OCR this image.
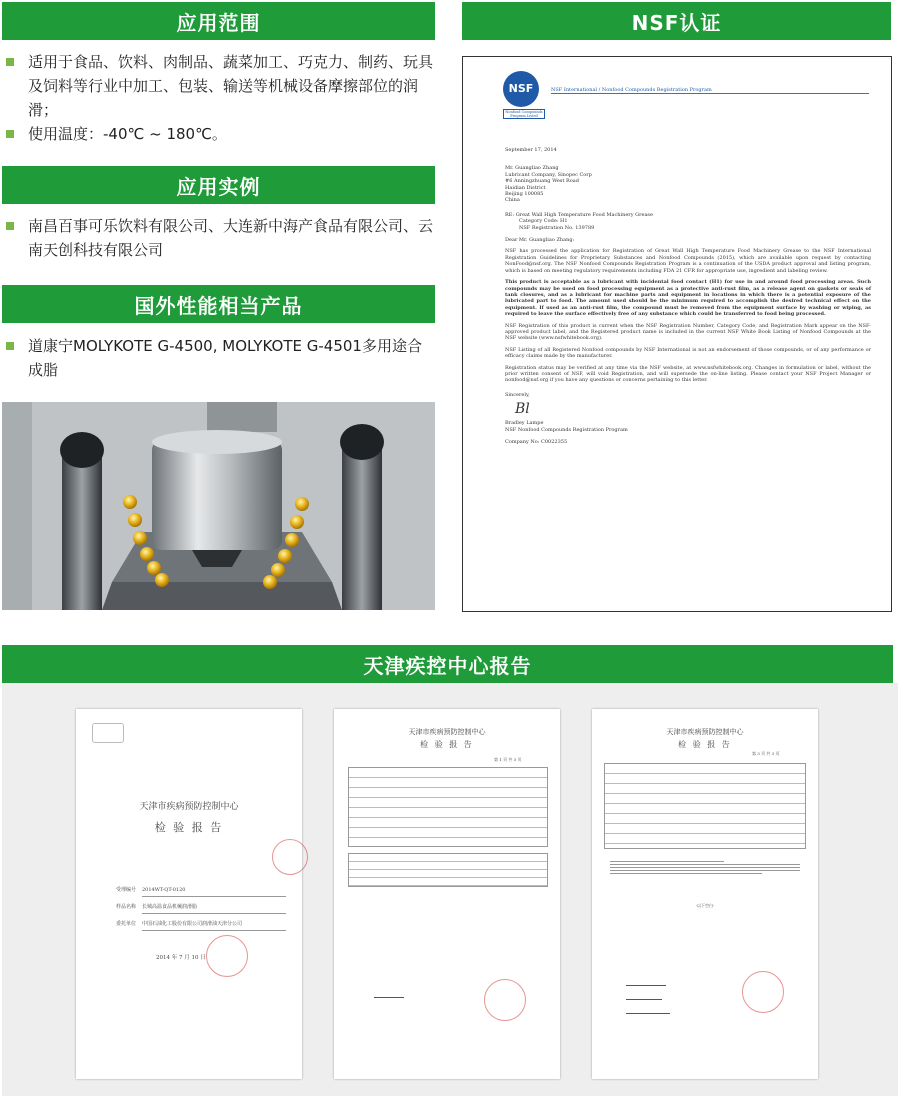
应用范围
适用于食品、饮料、肉制品、蔬菜加工、巧克力、制药、玩具及饲料等行业中加工、包装、输送等机械设备摩擦部位的润滑；
使用温度：-40℃ ~ 180℃。
应用实例
南昌百事可乐饮料有限公司、大连新中海产食品有限公司、云南天创科技有限公司
国外性能相当产品
道康宁MOLYKOTE G-4500, MOLYKOTE G-4501多用途合成脂
NSF认证
NSF
Nonfood Compounds Program Listed
NSF International / Nonfood Compounds Registration Program
September 17, 2014
Mr. Guangliao Zhang
Lubricant Company, Sinopec Corp
#6 Anningzhuang West Road
Haidian District
Beijing 100085
China
RE: Great Wall High Temperature Food Machinery Grease
Category Code: H1
NSF Registration No. 139789
Dear Mr. Guangliao Zhang:
NSF has processed the application for Registration of Great Wall High Temperature Food Machinery Grease to the NSF International Registration Guidelines for Proprietary Substances and Nonfood Compounds (2015), which are available upon request by contacting NonFood@nsf.org. The NSF Nonfood Compounds Registration Program is a continuation of the USDA product approval and listing program, which is based on meeting regulatory requirements including FDA 21 CFR for appropriate use, ingredient and labeling review.
This product is acceptable as a lubricant with incidental food contact (H1) for use in and around food processing areas. Such compounds may be used on food processing equipment as a protective anti-rust film, as a release agent on gaskets or seals of tank closures, and as a lubricant for machine parts and equipment in locations in which there is a potential exposure of the lubricated part to food. The amount used should be the minimum required to accomplish the desired technical effect on the equipment. If used as an anti-rust film, the compound must be removed from the equipment surface by washing or wiping, as required to leave the surface effectively free of any substance which could be transferred to food being processed.
NSF Registration of this product is current when the NSF Registration Number, Category Code, and Registration Mark appear on the NSF-approved product label, and the Registered product name is included in the current NSF White Book Listing of Nonfood Compounds at the NSF website (www.nsfwhitebook.org).
NSF Listing of all Registered Nonfood compounds by NSF International is not an endorsement of those compounds, or of any performance or efficacy claims made by the manufacturer.
Registration status may be verified at any time via the NSF website, at www.nsfwhitebook.org. Changes in formulation or label, without the prior written consent of NSF, will void Registration, and will supersede the on-line listing. Please contact your NSF Project Manager or nonfood@nsf.org if you have any questions or concerns pertaining to this letter.
Sincerely,
Bl
Bradley Lampe
NSF Nonfood Compounds Registration Program
Company No: C0022355
天津疾控中心报告
天津市疾病预防控制中心
检 验 报 告
受理编号	2014WT-QT-0120
样品名称	长城高温食品机械润滑脂
委托单位	中国石油化工股份有限公司润滑油天津分公司
2014 年 7 月 10 日
天津市疾病预防控制中心
检 验 报 告
第 1 页 共 3 页
天津市疾病预防控制中心
检 验 报 告
第 3 页 共 3 页
-以下空白-
